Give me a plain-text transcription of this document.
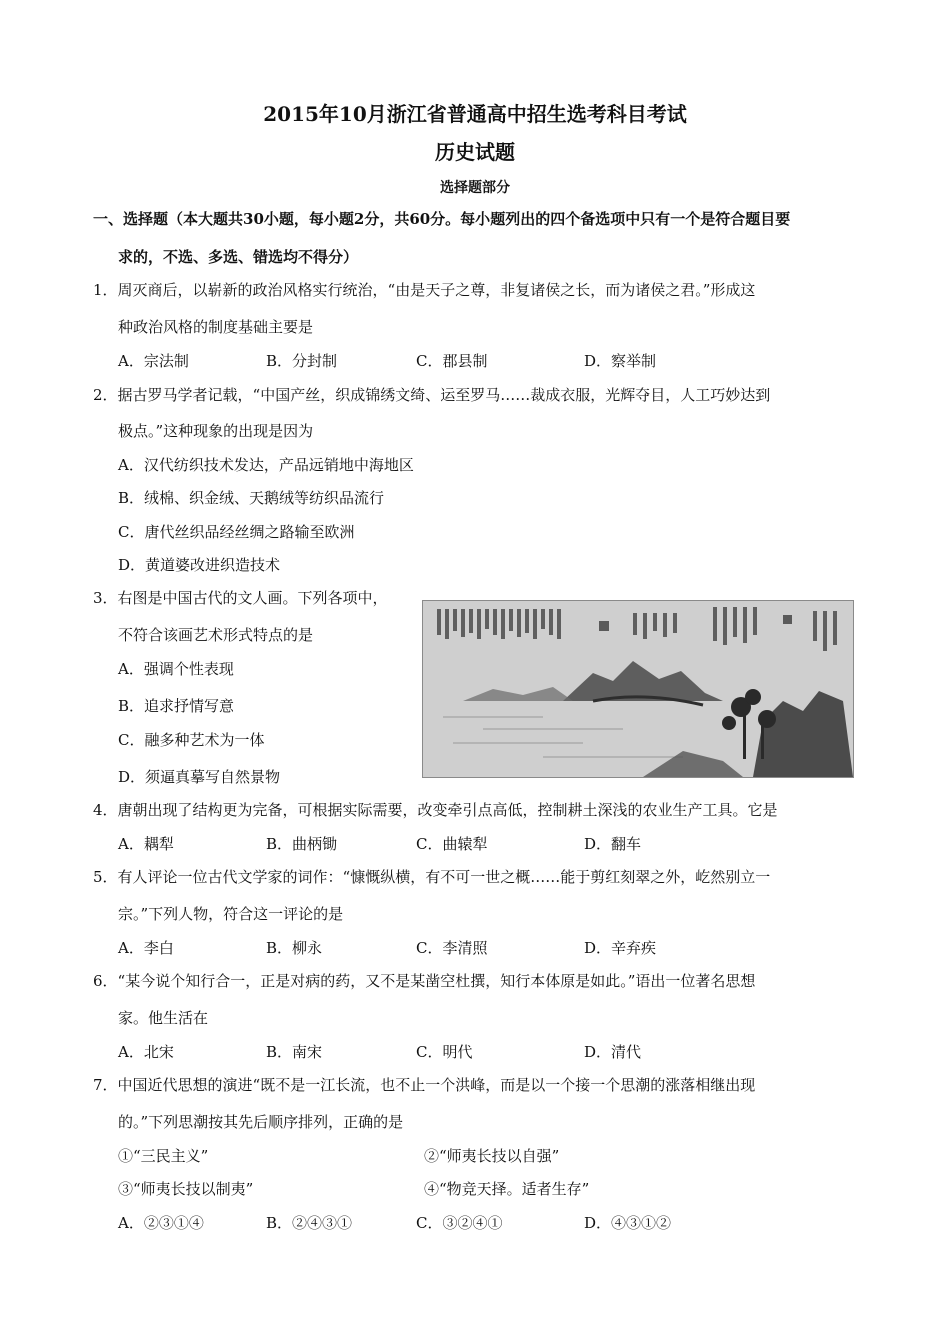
2015年10月浙江省普通高中招生选考科目考试
历史试题
选择题部分
一、选择题（本大题共30小题，每小题2分，共60分。每小题列出的四个备选项中只有一个是符合题目要
求的，不选、多选、错选均不得分）
1．周灭商后，以崭新的政治风格实行统治，“由是天子之尊，非复诸侯之长，而为诸侯之君。”形成这
种政治风格的制度基础主要是
A．宗法制	B．分封制	C．郡县制	D．察举制
2．据古罗马学者记载，“中国产丝，织成锦绣文绮、运至罗马……裁成衣服，光辉夺目，人工巧妙达到
极点。”这种现象的出现是因为
A．汉代纺织技术发达，产品远销地中海地区
B．绒棉、织金绒、天鹅绒等纺织品流行
C．唐代丝织品经丝绸之路输至欧洲
D．黄道婆改进织造技术
3．右图是中国古代的文人画。下列各项中，
不符合该画艺术形式特点的是
A．强调个性表现
B．追求抒情写意
C．融多种艺术为一体
D．须逼真摹写自然景物
4．唐朝出现了结构更为完备，可根据实际需要，改变牵引点高低，控制耕土深浅的农业生产工具。它是
A．耦犁	B．曲柄锄	C．曲辕犁	D．翻车
5．有人评论一位古代文学家的词作：“慷慨纵横，有不可一世之概……能于剪红刻翠之外，屹然别立一
宗。”下列人物，符合这一评论的是
A．李白	B．柳永	C．李清照	D．辛弃疾
6．“某今说个知行合一，正是对病的药，又不是某凿空杜撰，知行本体原是如此。”语出一位著名思想
家。他生活在
A．北宋	B．南宋	C．明代	D．清代
7．中国近代思想的演进“既不是一江长流，也不止一个洪峰，而是以一个接一个思潮的涨落相继出现
的。”下列思潮按其先后顺序排列，正确的是
①“三民主义”	②“师夷长技以自强”
③“师夷长技以制夷”	④“物竞天择。适者生存”
A．②③①④	B．②④③①	C．③②④①	D．④③①②
